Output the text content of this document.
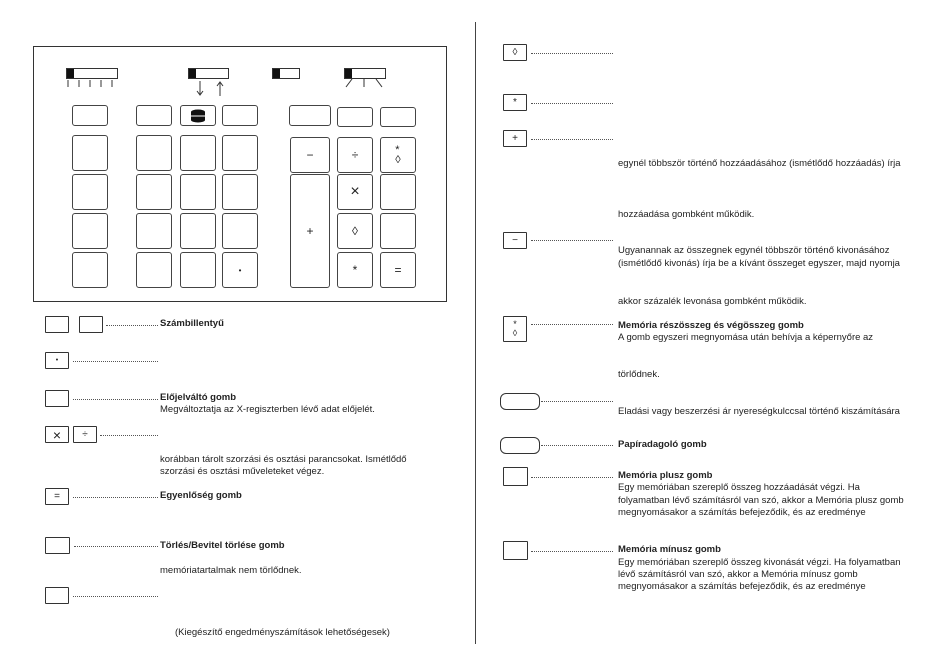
•
−	÷	*
◊
+
×
◊
*	=
Számbillentyű
•
Előjelváltó gomb
Megváltoztatja az X-regiszterben lévő adat előjelét.
×	÷
korábban tárolt szorzási és osztási parancsokat. Ismétlődő
szorzási és osztási műveleteket végez.
=	Egyenlőség gomb
Törlés/Bevitel törlése gomb
memóriatartalmak nem törlődnek.
(Kiegészítő engedményszámítások lehetőségesek)
◊
*
+
egynél többször történő hozzáadásához (ismétlődő hozzáadás) írja
hozzáadása gombként működik.
−
Ugyanannak az összegnek egynél többször történő kivonásához
(ismétlődő kivonás) írja be a kívánt összeget egyszer, majd nyomja
akkor százalék levonása gombként működik.
*
◊
Memória részösszeg és végösszeg gomb
A gomb egyszeri megnyomása után behívja a képernyőre az
törlődnek.
Eladási vagy beszerzési ár nyereségkulccsal történő kiszámítására
Papíradagoló gomb
Memória plusz gomb
Egy memóriában szereplő összeg hozzáadását végzi. Ha
folyamatban lévő számításról van szó, akkor a Memória plusz gomb
megnyomásakor a számítás befejeződik, és az eredménye
Memória mínusz gomb
Egy memóriában szereplő összeg kivonását végzi. Ha folyamatban
lévő számításról van szó, akkor a Memória mínusz gomb
megnyomásakor a számítás befejeződik, és az eredménye
